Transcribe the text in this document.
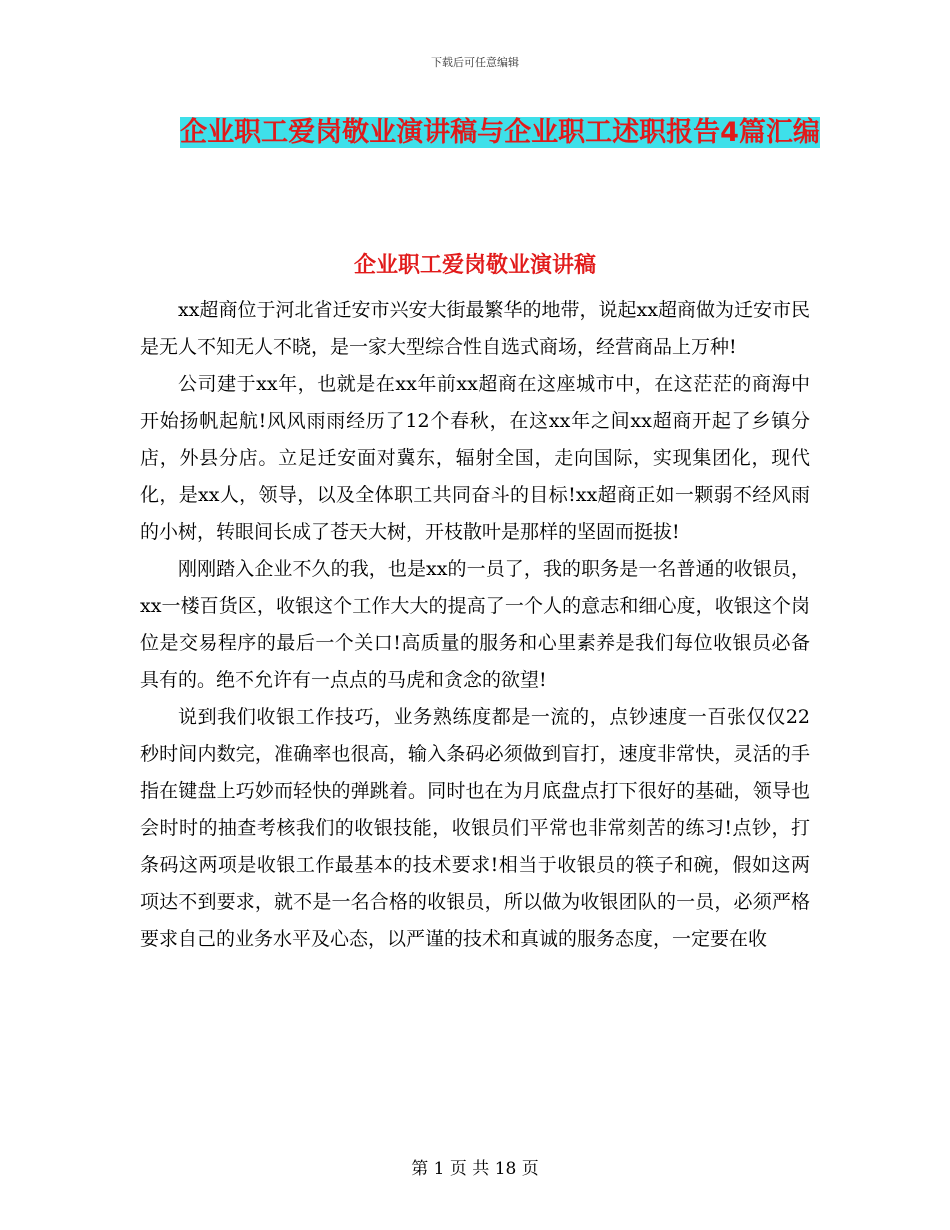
下载后可任意编辑
企业职工爱岗敬业演讲稿与企业职工述职报告4篇汇编
企业职工爱岗敬业演讲稿

xx超商位于河北省迁安市兴安大街最繁华的地带，说起xx超商做为迁安市民是无人不知无人不晓，是一家大型综合性自选式商场，经营商品上万种!

公司建于xx年，也就是在xx年前xx超商在这座城市中，在这茫茫的商海中开始扬帆起航!风风雨雨经历了12个春秋，在这xx年之间xx超商开起了乡镇分店，外县分店。立足迁安面对冀东，辐射全国，走向国际，实现集团化，现代化，是xx人，领导，以及全体职工共同奋斗的目标!xx超商正如一颗弱不经风雨的小树，转眼间长成了苍天大树，开枝散叶是那样的坚固而挺拔!

刚刚踏入企业不久的我，也是xx的一员了，我的职务是一名普通的收银员，xx一楼百货区，收银这个工作大大的提高了一个人的意志和细心度，收银这个岗位是交易程序的最后一个关口!高质量的服务和心里素养是我们每位收银员必备具有的。绝不允许有一点点的马虎和贪念的欲望!

说到我们收银工作技巧，业务熟练度都是一流的，点钞速度一百张仅仅22秒时间内数完，准确率也很高，输入条码必须做到盲打，速度非常快，灵活的手指在键盘上巧妙而轻快的弹跳着。同时也在为月底盘点打下很好的基础，领导也会时时的抽查考核我们的收银技能，收银员们平常也非常刻苦的练习!点钞，打条码这两项是收银工作最基本的技术要求!相当于收银员的筷子和碗，假如这两项达不到要求，就不是一名合格的收银员，所以做为收银团队的一员，必须严格要求自己的业务水平及心态，以严谨的技术和真诚的服务态度，一定要在收

第 1 页 共 18 页
